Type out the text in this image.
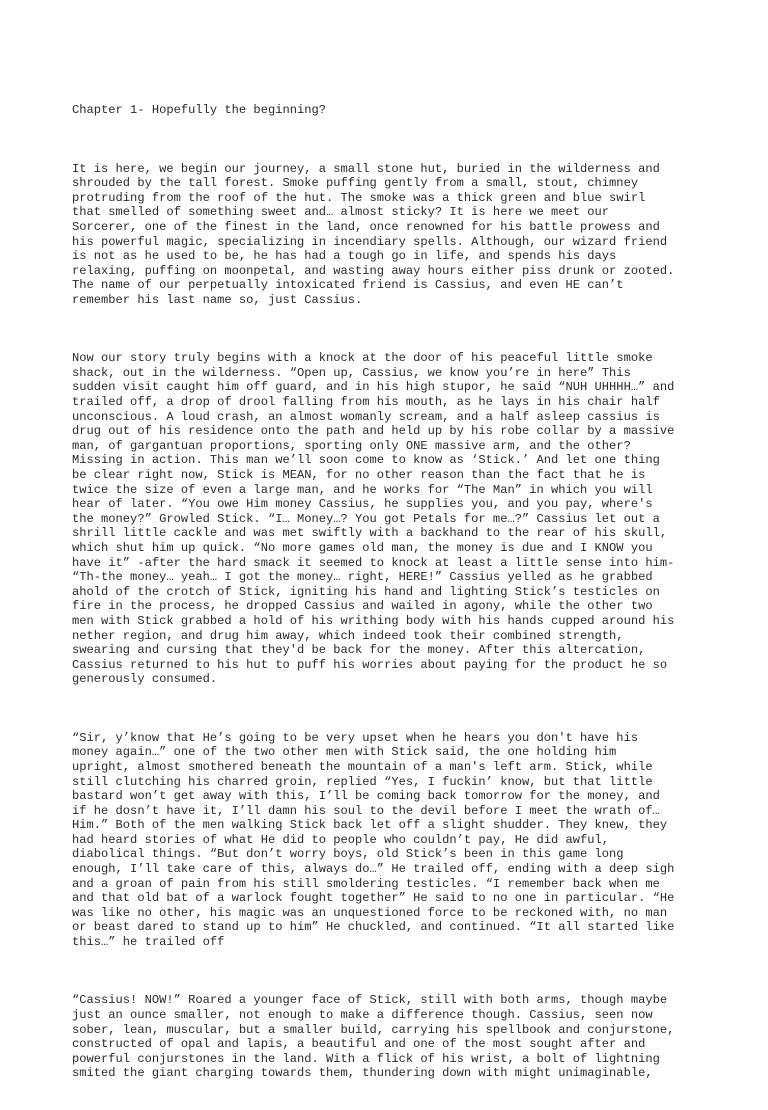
Chapter 1- Hopefully the beginning?

It is here, we begin our journey, a small stone hut, buried in the wilderness and
shrouded by the tall forest. Smoke puffing gently from a small, stout, chimney
protruding from the roof of the hut. The smoke was a thick green and blue swirl
that smelled of something sweet and… almost sticky? It is here we meet our
Sorcerer, one of the finest in the land, once renowned for his battle prowess and
his powerful magic, specializing in incendiary spells. Although, our wizard friend
is not as he used to be, he has had a tough go in life, and spends his days
relaxing, puffing on moonpetal, and wasting away hours either piss drunk or zooted.
The name of our perpetually intoxicated friend is Cassius, and even HE can’t
remember his last name so, just Cassius.

Now our story truly begins with a knock at the door of his peaceful little smoke
shack, out in the wilderness. “Open up, Cassius, we know you’re in here” This
sudden visit caught him off guard, and in his high stupor, he said “NUH UHHHH…” and
trailed off, a drop of drool falling from his mouth, as he lays in his chair half
unconscious. A loud crash, an almost womanly scream, and a half asleep cassius is
drug out of his residence onto the path and held up by his robe collar by a massive
man, of gargantuan proportions, sporting only ONE massive arm, and the other?
Missing in action. This man we’ll soon come to know as ‘Stick.’ And let one thing
be clear right now, Stick is MEAN, for no other reason than the fact that he is
twice the size of even a large man, and he works for “The Man” in which you will
hear of later. “You owe Him money Cassius, he supplies you, and you pay, where's
the money?” Growled Stick. “I… Money…? You got Petals for me…?” Cassius let out a
shrill little cackle and was met swiftly with a backhand to the rear of his skull,
which shut him up quick. “No more games old man, the money is due and I KNOW you
have it” -after the hard smack it seemed to knock at least a little sense into him-
“Th-the money… yeah… I got the money… right, HERE!” Cassius yelled as he grabbed
ahold of the crotch of Stick, igniting his hand and lighting Stick’s testicles on
fire in the process, he dropped Cassius and wailed in agony, while the other two
men with Stick grabbed a hold of his writhing body with his hands cupped around his
nether region, and drug him away, which indeed took their combined strength,
swearing and cursing that they'd be back for the money. After this altercation,
Cassius returned to his hut to puff his worries about paying for the product he so
generously consumed.

“Sir, y’know that He’s going to be very upset when he hears you don't have his
money again…” one of the two other men with Stick said, the one holding him
upright, almost smothered beneath the mountain of a man's left arm. Stick, while
still clutching his charred groin, replied “Yes, I fuckin’ know, but that little
bastard won’t get away with this, I’ll be coming back tomorrow for the money, and
if he dosn’t have it, I’ll damn his soul to the devil before I meet the wrath of…
Him.” Both of the men walking Stick back let off a slight shudder. They knew, they
had heard stories of what He did to people who couldn’t pay, He did awful,
diabolical things. “But don’t worry boys, old Stick’s been in this game long
enough, I’ll take care of this, always do…” He trailed off, ending with a deep sigh
and a groan of pain from his still smoldering testicles. “I remember back when me
and that old bat of a warlock fought together” He said to no one in particular. “He
was like no other, his magic was an unquestioned force to be reckoned with, no man
or beast dared to stand up to him” He chuckled, and continued. “It all started like
this…” he trailed off

“Cassius! NOW!” Roared a younger face of Stick, still with both arms, though maybe
just an ounce smaller, not enough to make a difference though. Cassius, seen now
sober, lean, muscular, but a smaller build, carrying his spellbook and conjurstone,
constructed of opal and lapis, a beautiful and one of the most sought after and
powerful conjurstones in the land. With a flick of his wrist, a bolt of lightning
smited the giant charging towards them, thundering down with might unimaginable,
